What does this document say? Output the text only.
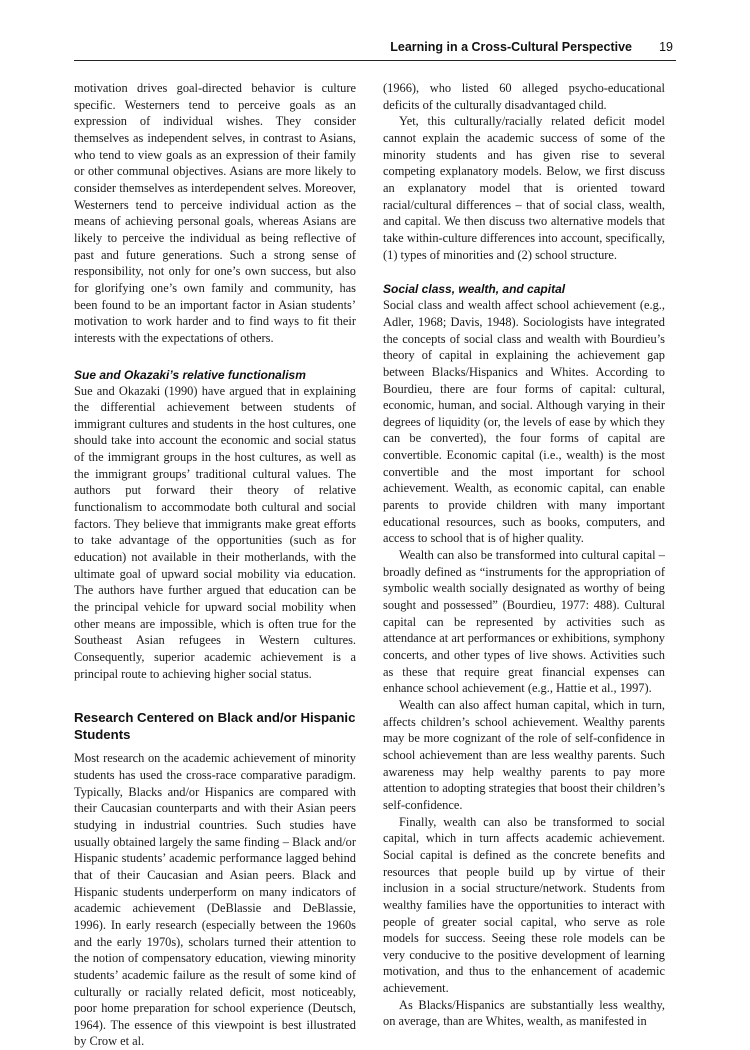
Learning in a Cross-Cultural Perspective 19

motivation drives goal-directed behavior is culture specific. Westerners tend to perceive goals as an expression of individual wishes. They consider themselves as independent selves, in contrast to Asians, who tend to view goals as an expression of their family or other communal objectives. Asians are more likely to consider themselves as interdependent selves. Moreover, Westerners tend to perceive individual action as the means of achieving personal goals, whereas Asians are likely to perceive the individual as being reflective of past and future generations. Such a strong sense of responsibility, not only for one’s own success, but also for glorifying one’s own family and community, has been found to be an important factor in Asian students’ motivation to work harder and to find ways to fit their interests with the expectations of others.

Sue and Okazaki’s relative functionalism

Sue and Okazaki (1990) have argued that in explaining the differential achievement between students of immigrant cultures and students in the host cultures, one should take into account the economic and social status of the immigrant groups in the host cultures, as well as the immigrant groups’ traditional cultural values. The authors put forward their theory of relative functionalism to accommodate both cultural and social factors. They believe that immigrants make great efforts to take advantage of the opportunities (such as for education) not available in their motherlands, with the ultimate goal of upward social mobility via education. The authors have further argued that education can be the principal vehicle for upward social mobility when other means are impossible, which is often true for the Southeast Asian refugees in Western cultures. Consequently, superior academic achievement is a principal route to achieving higher social status.

Research Centered on Black and/or Hispanic Students

Most research on the academic achievement of minority students has used the cross-race comparative paradigm. Typically, Blacks and/or Hispanics are compared with their Caucasian counterparts and with their Asian peers studying in industrial countries. Such studies have usually obtained largely the same finding – Black and/or Hispanic students’ academic performance lagged behind that of their Caucasian and Asian peers. Black and Hispanic students underperform on many indicators of academic achievement (DeBlassie and DeBlassie, 1996). In early research (especially between the 1960s and the early 1970s), scholars turned their attention to the notion of compensatory education, viewing minority students’ academic failure as the result of some kind of culturally or racially related deficit, most noticeably, poor home preparation for school experience (Deutsch, 1964). The essence of this viewpoint is best illustrated by Crow et al.

(1966), who listed 60 alleged psycho-educational deficits of the culturally disadvantaged child.

Yet, this culturally/racially related deficit model cannot explain the academic success of some of the minority students and has given rise to several competing explanatory models. Below, we first discuss an explanatory model that is oriented toward racial/cultural differences – that of social class, wealth, and capital. We then discuss two alternative models that take within-culture differences into account, specifically, (1) types of minorities and (2) school structure.

Social class, wealth, and capital

Social class and wealth affect school achievement (e.g., Adler, 1968; Davis, 1948). Sociologists have integrated the concepts of social class and wealth with Bourdieu’s theory of capital in explaining the achievement gap between Blacks/Hispanics and Whites. According to Bourdieu, there are four forms of capital: cultural, economic, human, and social. Although varying in their degrees of liquidity (or, the levels of ease by which they can be converted), the four forms of capital are convertible. Economic capital (i.e., wealth) is the most convertible and the most important for school achievement. Wealth, as economic capital, can enable parents to provide children with many important educational resources, such as books, computers, and access to school that is of higher quality.

Wealth can also be transformed into cultural capital – broadly defined as “instruments for the appropriation of symbolic wealth socially designated as worthy of being sought and possessed” (Bourdieu, 1977: 488). Cultural capital can be represented by activities such as attendance at art performances or exhibitions, symphony concerts, and other types of live shows. Activities such as these that require great financial expenses can enhance school achievement (e.g., Hattie et al., 1997).

Wealth can also affect human capital, which in turn, affects children’s school achievement. Wealthy parents may be more cognizant of the role of self-confidence in school achievement than are less wealthy parents. Such awareness may help wealthy parents to pay more attention to adopting strategies that boost their children’s self-confidence.

Finally, wealth can also be transformed to social capital, which in turn affects academic achievement. Social capital is defined as the concrete benefits and resources that people build up by virtue of their inclusion in a social structure/network. Students from wealthy families have the opportunities to interact with people of greater social capital, who serve as role models for success. Seeing these role models can be very conducive to the positive development of learning motivation, and thus to the enhancement of academic achievement.

As Blacks/Hispanics are substantially less wealthy, on average, than are Whites, wealth, as manifested in
